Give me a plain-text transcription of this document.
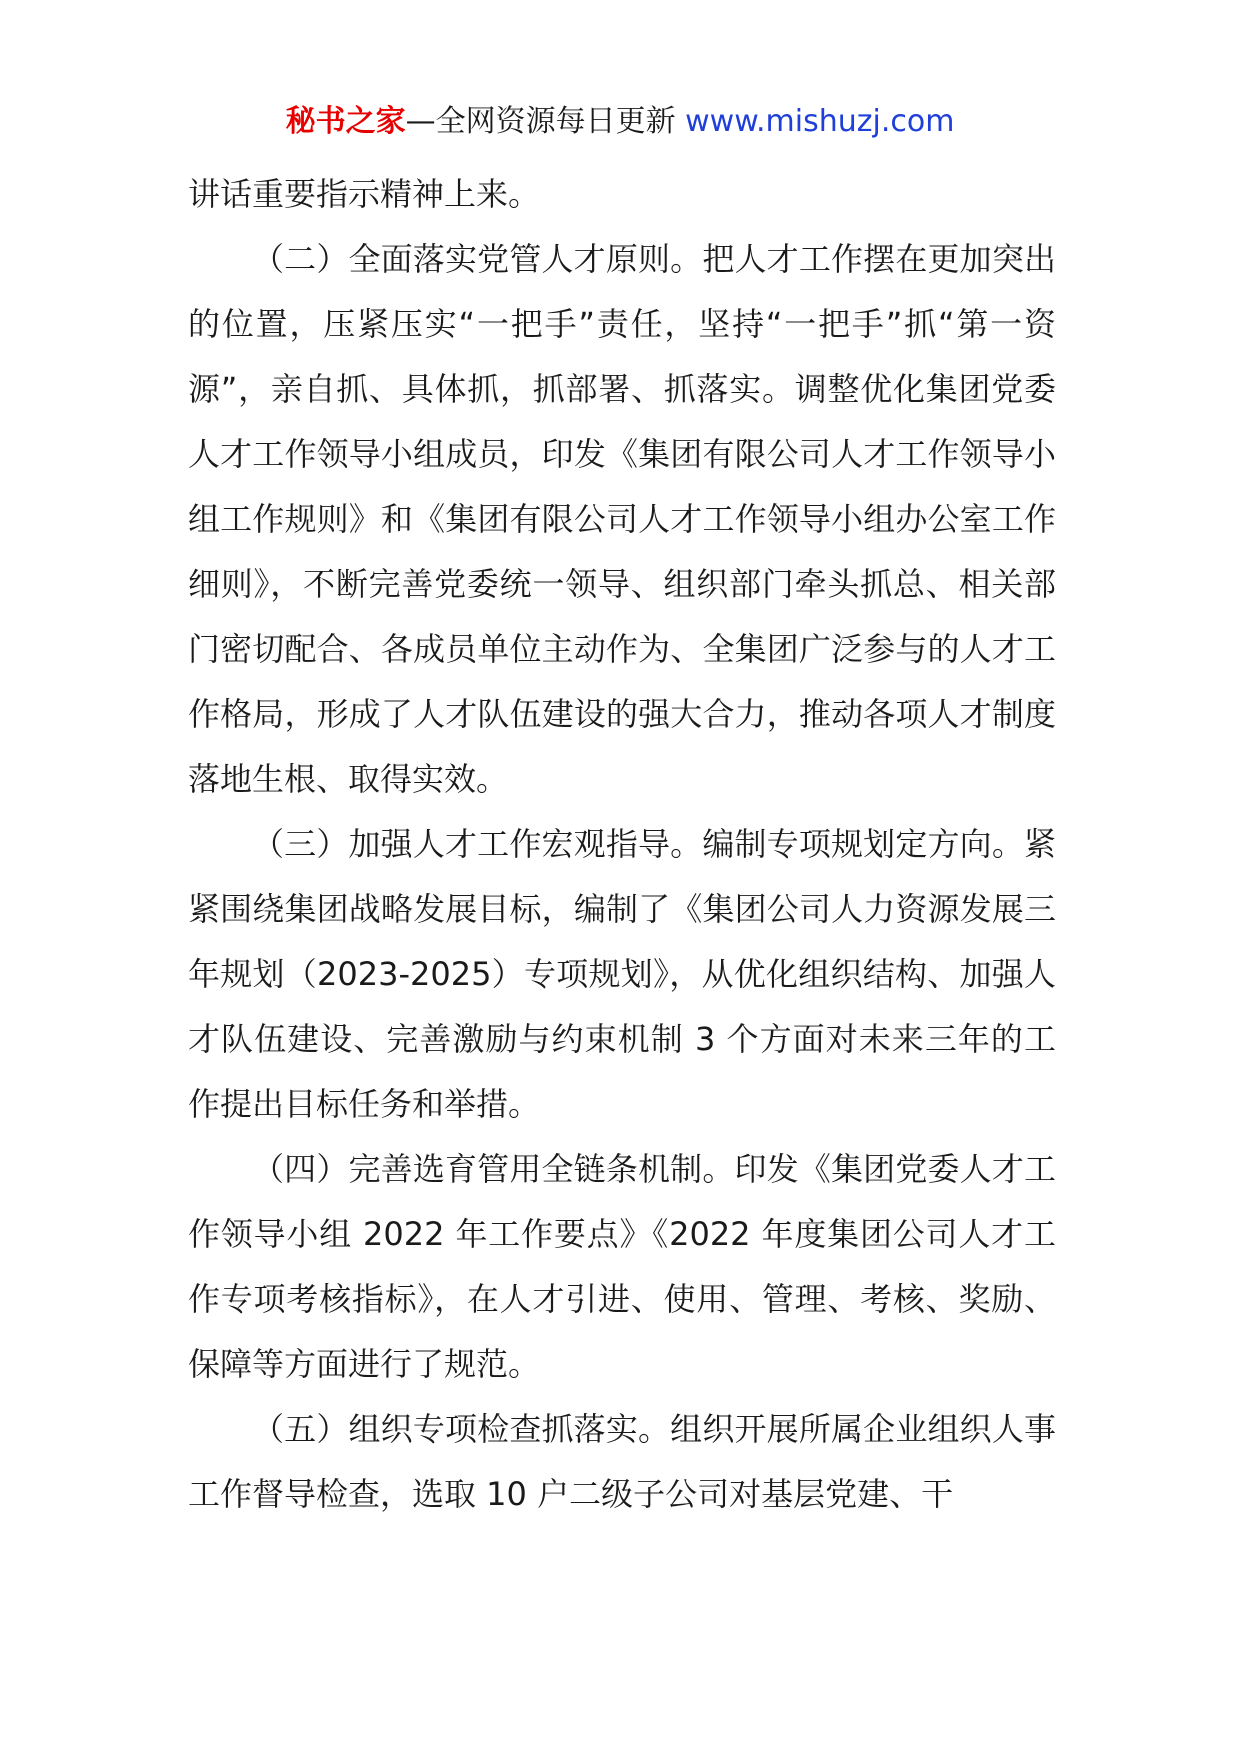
秘书之家—全网资源每日更新 www.mishuzj.com

讲话重要指示精神上来。

（二）全面落实党管人才原则。把人才工作摆在更加突出的位置，压紧压实“一把手”责任，坚持“一把手”抓“第一资源”，亲自抓、具体抓，抓部署、抓落实。调整优化集团党委人才工作领导小组成员，印发《集团有限公司人才工作领导小组工作规则》和《集团有限公司人才工作领导小组办公室工作细则》，不断完善党委统一领导、组织部门牵头抓总、相关部门密切配合、各成员单位主动作为、全集团广泛参与的人才工作格局，形成了人才队伍建设的强大合力，推动各项人才制度落地生根、取得实效。

（三）加强人才工作宏观指导。编制专项规划定方向。紧紧围绕集团战略发展目标，编制了《集团公司人力资源发展三年规划（2023-2025）专项规划》，从优化组织结构、加强人才队伍建设、完善激励与约束机制 3 个方面对未来三年的工作提出目标任务和举措。

（四）完善选育管用全链条机制。印发《集团党委人才工作领导小组 2022 年工作要点》《2022 年度集团公司人才工作专项考核指标》，在人才引进、使用、管理、考核、奖励、保障等方面进行了规范。

（五）组织专项检查抓落实。组织开展所属企业组织人事工作督导检查，选取 10 户二级子公司对基层党建、干
